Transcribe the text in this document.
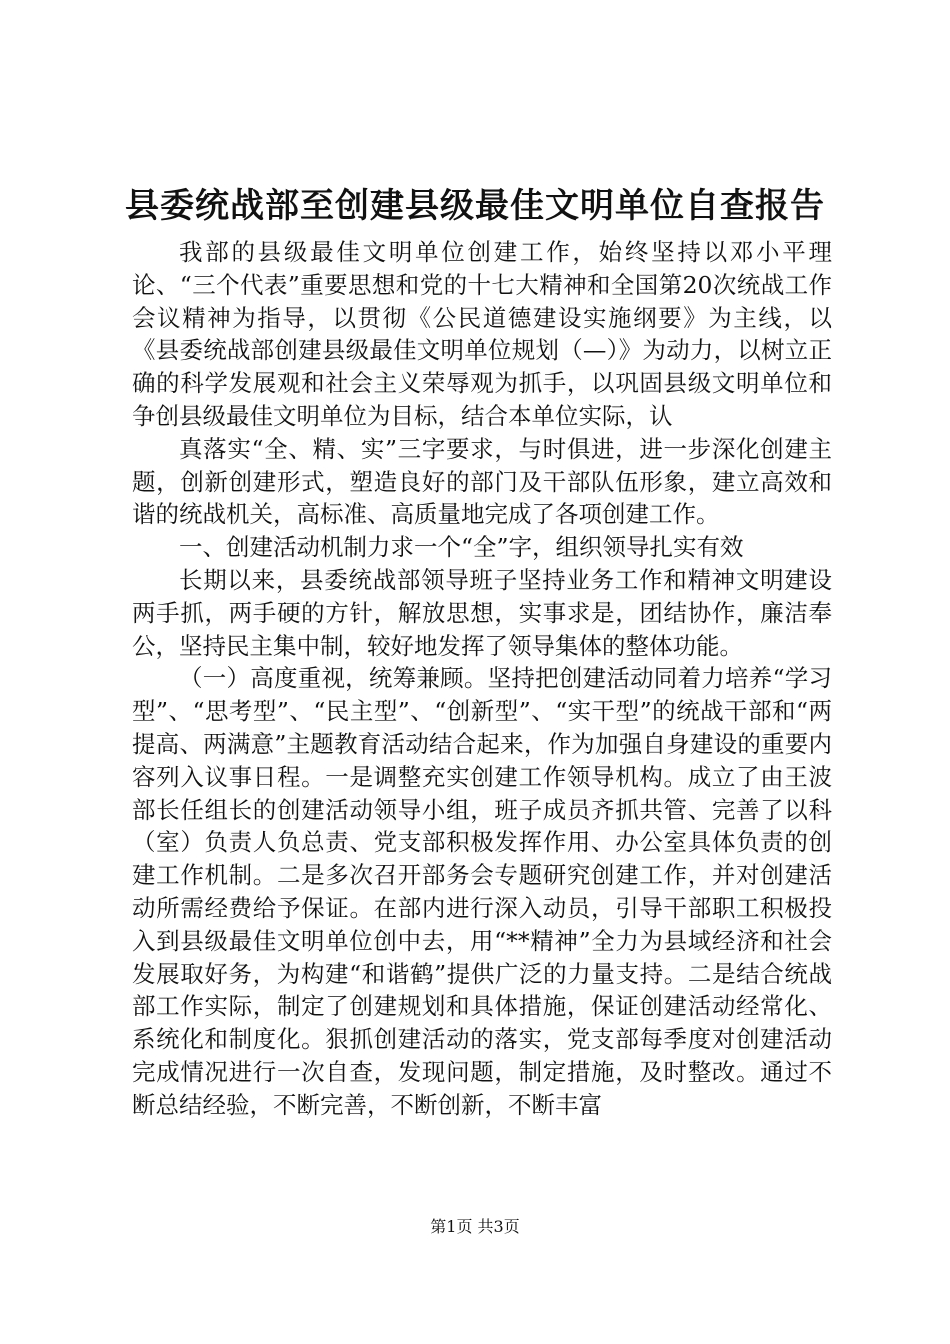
县委统战部至创建县级最佳文明单位自查报告

我部的县级最佳文明单位创建工作，始终坚持以邓小平理论、“三个代表”重要思想和党的十七大精神和全国第20次统战工作会议精神为指导，以贯彻《公民道德建设实施纲要》为主线，以《县委统战部创建县级最佳文明单位规划（—）》为动力，以树立正确的科学发展观和社会主义荣辱观为抓手，以巩固县级文明单位和争创县级最佳文明单位为目标，结合本单位实际，认

真落实“全、精、实”三字要求，与时俱进，进一步深化创建主题，创新创建形式，塑造良好的部门及干部队伍形象，建立高效和谐的统战机关，高标准、高质量地完成了各项创建工作。

一、创建活动机制力求一个“全”字，组织领导扎实有效

长期以来，县委统战部领导班子坚持业务工作和精神文明建设两手抓，两手硬的方针，解放思想，实事求是，团结协作，廉洁奉公，坚持民主集中制，较好地发挥了领导集体的整体功能。

（一）高度重视，统筹兼顾。坚持把创建活动同着力培养“学习型”、“思考型”、“民主型”、“创新型”、“实干型”的统战干部和“两提高、两满意”主题教育活动结合起来，作为加强自身建设的重要内容列入议事日程。一是调整充实创建工作领导机构。成立了由王波部长任组长的创建活动领导小组，班子成员齐抓共管、完善了以科（室）负责人负总责、党支部积极发挥作用、办公室具体负责的创建工作机制。二是多次召开部务会专题研究创建工作，并对创建活动所需经费给予保证。在部内进行深入动员，引导干部职工积极投入到县级最佳文明单位创中去，用“**精神”全力为县域经济和社会发展取好务，为构建“和谐鹤”提供广泛的力量支持。二是结合统战部工作实际，制定了创建规划和具体措施，保证创建活动经常化、系统化和制度化。狠抓创建活动的落实，党支部每季度对创建活动完成情况进行一次自查，发现问题，制定措施，及时整改。通过不断总结经验，不断完善，不断创新，不断丰富

第1页 共3页
